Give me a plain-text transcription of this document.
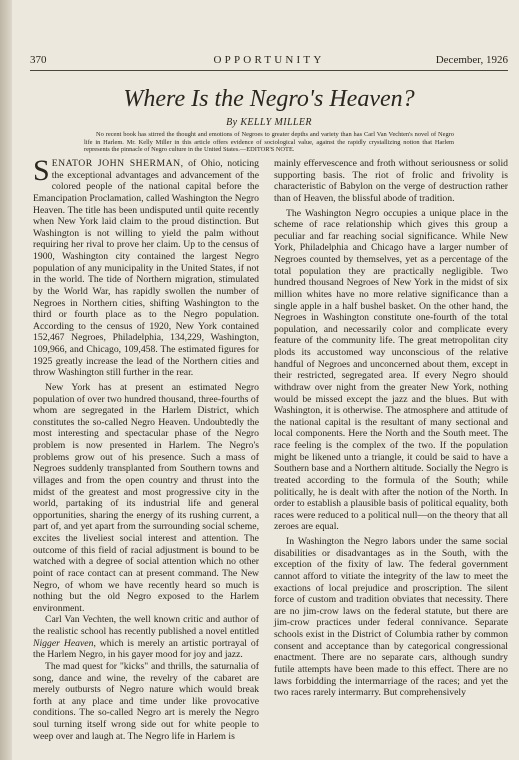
370	OPPORTUNITY	December, 1926
Where Is the Negro's Heaven?
By KELLY MILLER
No recent book has stirred the thought and emotions of Negroes to greater depths and variety than has Carl Van Vechten's novel of Negro life in Harlem. Mr. Kelly Miller in this article offers evidence of sociological value, against the rapidly crystallizing notion that Harlem represents the pinnacle of Negro culture in the United States.—EDITOR'S NOTE.

SENATOR JOHN SHERMAN, of Ohio, noticing the exceptional advantages and advancement of the colored people of the national capital before the Emancipation Proclamation, called Washington the Negro Heaven. The title has been undisputed until quite recently when New York laid claim to the proud distinction. But Washington is not willing to yield the palm without requiring her rival to prove her claim. Up to the census of 1900, Washington city contained the largest Negro population of any municipality in the United States, if not in the world. The tide of Northern migration, stimulated by the World War, has rapidly swollen the number of Negroes in Northern cities, shifting Washington to the third or fourth place as to the Negro population. According to the census of 1920, New York contained 152,467 Negroes, Philadelphia, 134,229, Washington, 109,966, and Chicago, 109,458. The estimated figures for 1925 greatly increase the lead of the Northern cities and throw Washington still further in the rear.

New York has at present an estimated Negro population of over two hundred thousand, three-fourths of whom are segregated in the Harlem District, which constitutes the so-called Negro Heaven. Undoubtedly the most interesting and spectacular phase of the Negro problem is now presented in Harlem. The Negro's problems grow out of his presence. Such a mass of Negroes suddenly transplanted from Southern towns and villages and from the open country and thrust into the midst of the greatest and most progressive city in the world, partaking of its industrial life and general opportunities, sharing the energy of its rushing current, a part of, and yet apart from the surrounding social scheme, excites the liveliest social interest and attention. The outcome of this field of racial adjustment is bound to be watched with a degree of social attention which no other point of race contact can at present command. The New Negro, of whom we have recently heard so much is nothing but the old Negro exposed to the Harlem environment.

Carl Van Vechten, the well known critic and author of the realistic school has recently published a novel entitled Nigger Heaven, which is merely an artistic portrayal of the Harlem Negro, in his gayer mood for joy and jazz.

The mad quest for "kicks" and thrills, the saturnalia of song, dance and wine, the revelry of the cabaret are merely outbursts of Negro nature which would break forth at any place and time under like provocative conditions. The so-called Negro art is merely the Negro soul turning itself wrong side out for white people to weep over and laugh at. The Negro life in Harlem is

mainly effervescence and froth without seriousness or solid supporting basis. The riot of frolic and frivolity is characteristic of Babylon on the verge of destruction rather than of Heaven, the blissful abode of tradition.

The Washington Negro occupies a unique place in the scheme of race relationship which gives this group a peculiar and far reaching social significance. While New York, Philadelphia and Chicago have a larger number of Negroes counted by themselves, yet as a percentage of the total population they are practically negligible. Two hundred thousand Negroes of New York in the midst of six million whites have no more relative significance than a single apple in a half bushel basket. On the other hand, the Negroes in Washington constitute one-fourth of the total population, and necessarily color and complicate every feature of the community life. The great metropolitan city plods its accustomed way unconscious of the relative handful of Negroes and unconcerned about them, except in their restricted, segregated area. If every Negro should withdraw over night from the greater New York, nothing would be missed except the jazz and the blues. But with Washington, it is otherwise. The atmosphere and attitude of the national capital is the resultant of many sectional and local components. Here the North and the South meet. The race feeling is the complex of the two. If the population might be likened unto a triangle, it could be said to have a Southern base and a Northern altitude. Socially the Negro is treated according to the formula of the South; while politically, he is dealt with after the notion of the North. In order to establish a plausible basis of political equality, both races were reduced to a political null—on the theory that all zeroes are equal.

In Washington the Negro labors under the same social disabilities or disadvantages as in the South, with the exception of the fixity of law. The federal government cannot afford to vitiate the integrity of the law to meet the exactions of local prejudice and proscription. The silent force of custom and tradition obviates that necessity. There are no jim-crow laws on the federal statute, but there are jim-crow practices under federal connivance. Separate schools exist in the District of Columbia rather by common consent and acceptance than by categorical congressional enactment. There are no separate cars, although sundry futile attempts have been made to this effect. There are no laws forbidding the intermarriage of the races; and yet the two races rarely intermarry. But comprehensively
